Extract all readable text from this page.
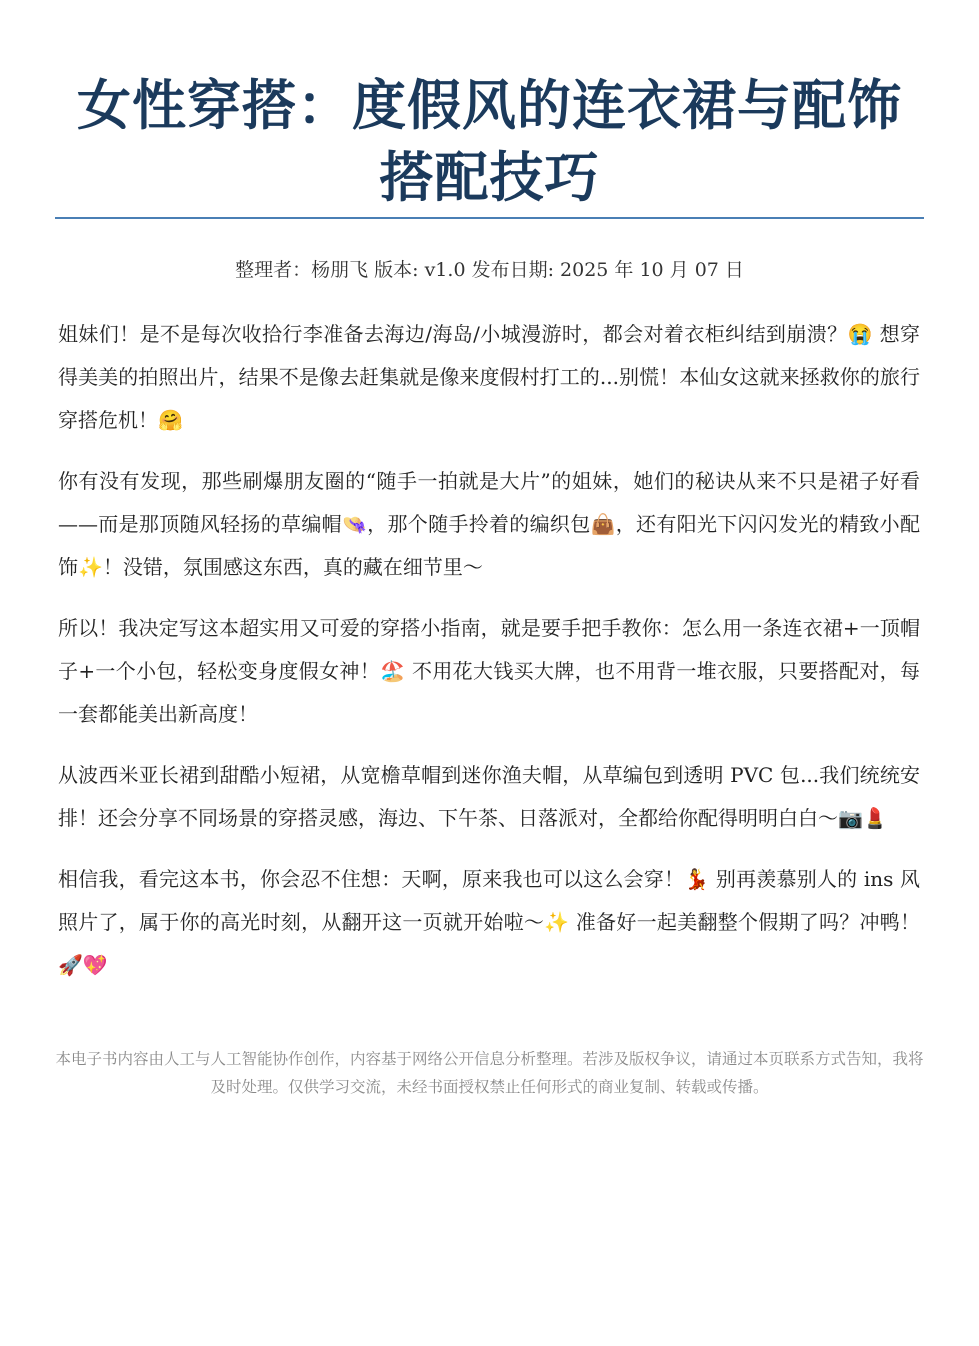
女性穿搭：度假风的连衣裙与配饰搭配技巧
整理者：杨朋飞 版本: v1.0 发布日期: 2025 年 10 月 07 日

姐妹们！是不是每次收拾行李准备去海边/海岛/小城漫游时，都会对着衣柜纠结到崩溃？😭 想穿得美美的拍照出片，结果不是像去赶集就是像来度假村打工的...别慌！本仙女这就来拯救你的旅行穿搭危机！🤗

你有没有发现，那些刷爆朋友圈的“随手一拍就是大片”的姐妹，她们的秘诀从来不只是裙子好看——而是那顶随风轻扬的草编帽👒，那个随手拎着的编织包👜，还有阳光下闪闪发光的精致小配饰✨！没错，氛围感这东西，真的藏在细节里～

所以！我决定写这本超实用又可爱的穿搭小指南，就是要手把手教你：怎么用一条连衣裙+一顶帽子+一个小包，轻松变身度假女神！🏖️ 不用花大钱买大牌，也不用背一堆衣服，只要搭配对，每一套都能美出新高度！

从波西米亚长裙到甜酷小短裙，从宽檐草帽到迷你渔夫帽，从草编包到透明 PVC 包...我们统统安排！还会分享不同场景的穿搭灵感，海边、下午茶、日落派对，全都给你配得明明白白～📷💄

相信我，看完这本书，你会忍不住想：天啊，原来我也可以这么会穿！💃 别再羡慕别人的 ins 风照片了，属于你的高光时刻，从翻开这一页就开始啦～✨ 准备好一起美翻整个假期了吗？冲鸭！🚀💖

本电子书内容由人工与人工智能协作创作，内容基于网络公开信息分析整理。若涉及版权争议，请通过本页联系方式告知，我将及时处理。仅供学习交流，未经书面授权禁止任何形式的商业复制、转载或传播。
